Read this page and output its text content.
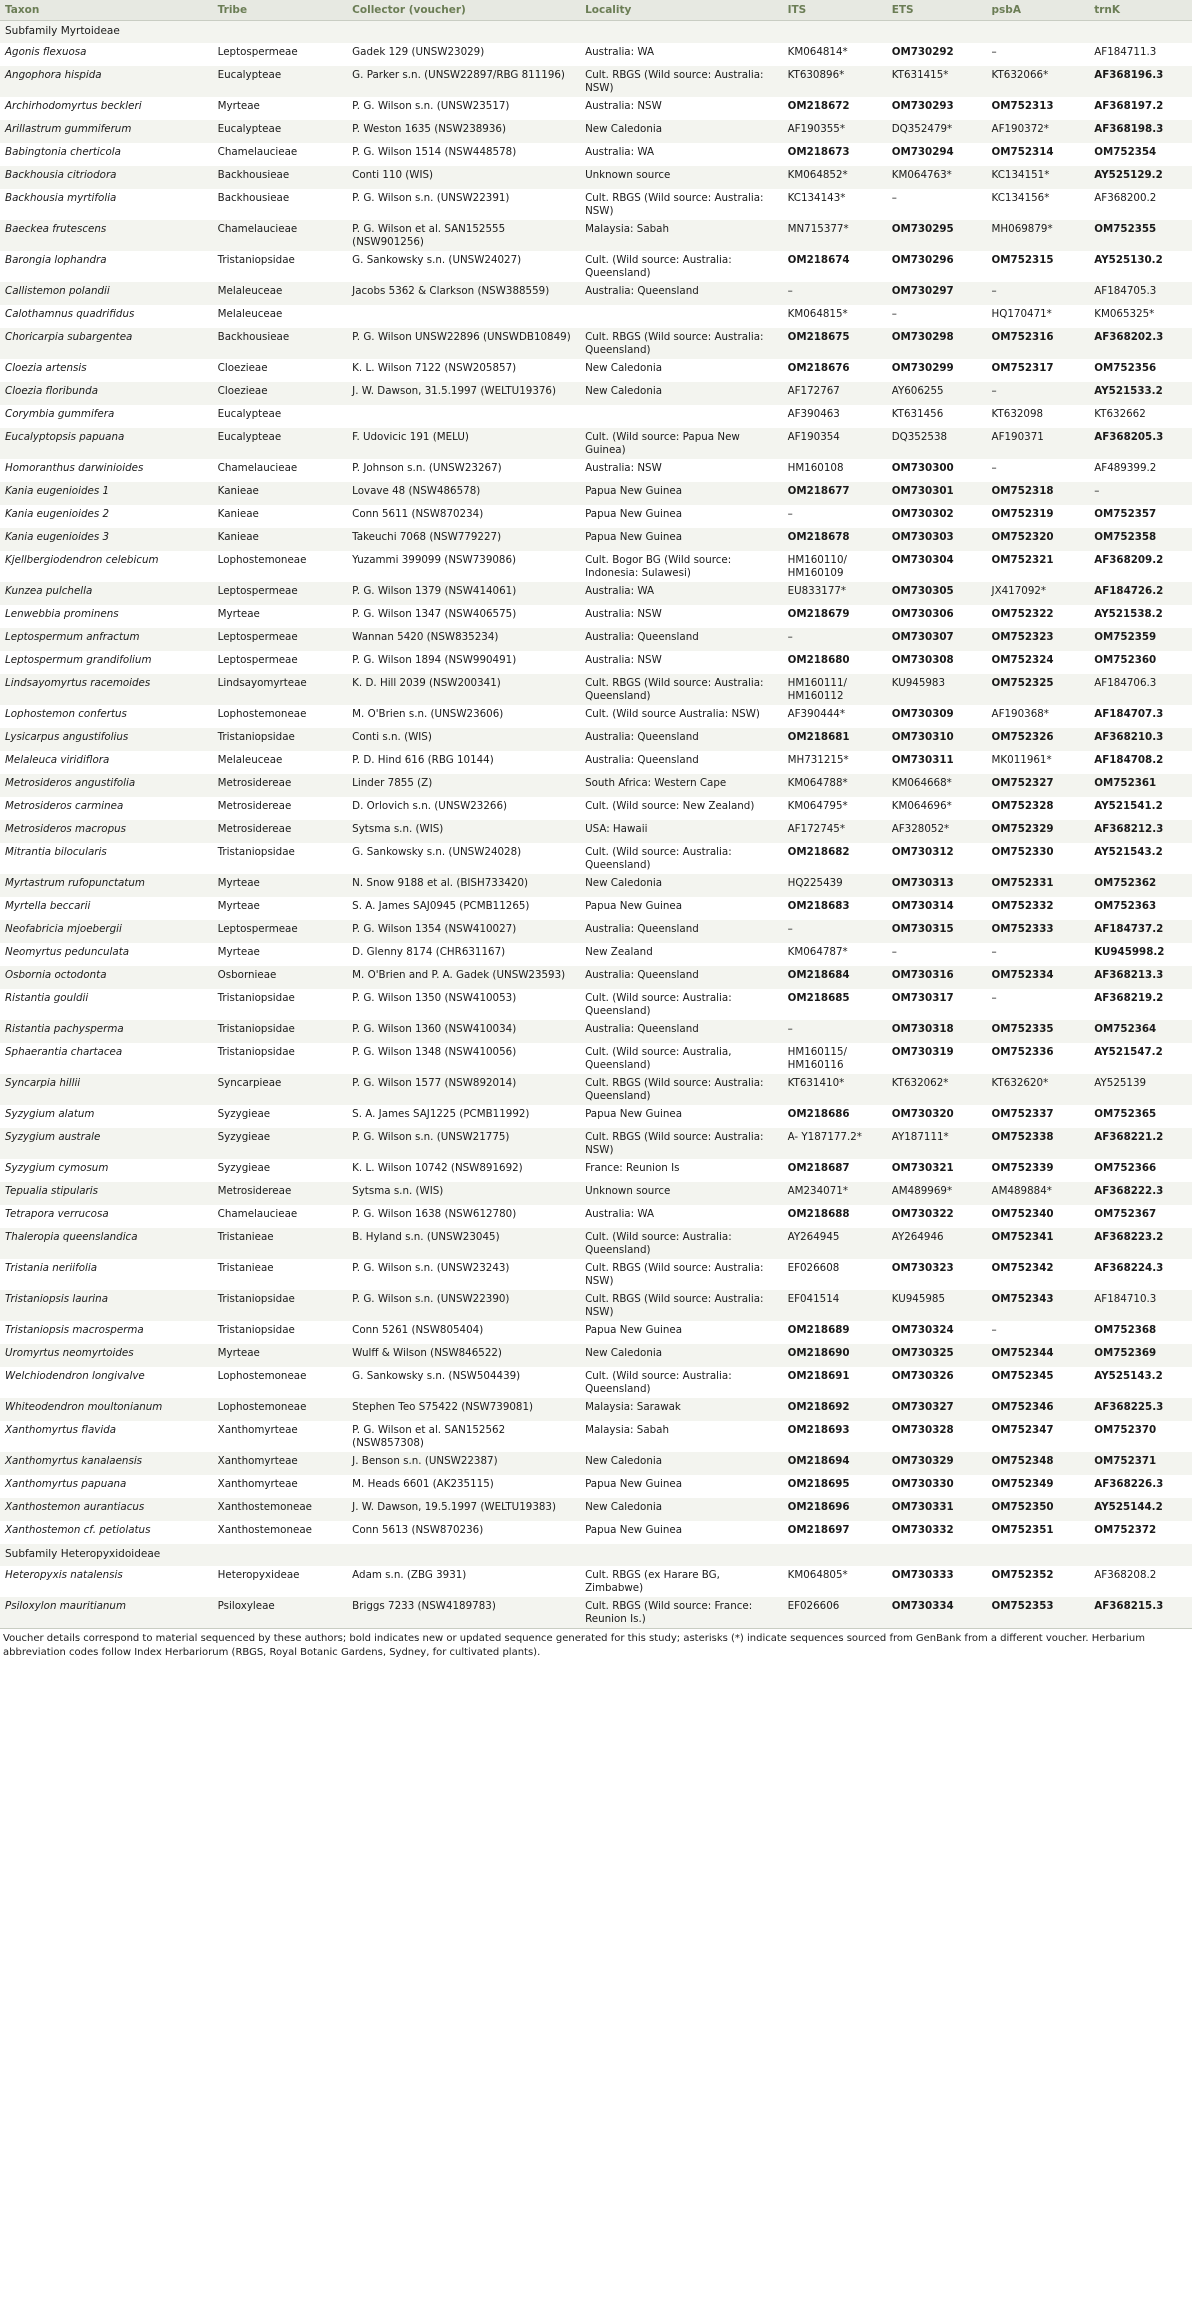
Taxon	Tribe	Collector (voucher)	Locality	ITS	ETS	psbA	trnK
Subfamily Myrtoideae							
Agonis flexuosa	Leptospermeae	Gadek 129 (UNSW23029)	Australia: WA	KM064814*	OM730292	–	AF184711.3
Angophora hispida	Eucalypteae	G. Parker s.n. (UNSW22897/RBG 811196)	Cult. RBGS (Wild source: Australia: NSW)	KT630896*	KT631415*	KT632066*	AF368196.3
Archirhodomyrtus beckleri	Myrteae	P. G. Wilson s.n. (UNSW23517)	Australia: NSW	OM218672	OM730293	OM752313	AF368197.2
Arillastrum gummiferum	Eucalypteae	P. Weston 1635 (NSW238936)	New Caledonia	AF190355*	DQ352479*	AF190372*	AF368198.3
Babingtonia cherticola	Chamelaucieae	P. G. Wilson 1514 (NSW448578)	Australia: WA	OM218673	OM730294	OM752314	OM752354
Backhousia citriodora	Backhousieae	Conti 110 (WIS)	Unknown source	KM064852*	KM064763*	KC134151*	AY525129.2
Backhousia myrtifolia	Backhousieae	P. G. Wilson s.n. (UNSW22391)	Cult. RBGS (Wild source: Australia: NSW)	KC134143*	–	KC134156*	AF368200.2
Baeckea frutescens	Chamelaucieae	P. G. Wilson et al. SAN152555 (NSW901256)	Malaysia: Sabah	MN715377*	OM730295	MH069879*	OM752355
Barongia lophandra	Tristaniopsidae	G. Sankowsky s.n. (UNSW24027)	Cult. (Wild source: Australia: Queensland)	OM218674	OM730296	OM752315	AY525130.2
Callistemon polandii	Melaleuceae	Jacobs 5362 & Clarkson (NSW388559)	Australia: Queensland	–	OM730297	–	AF184705.3
Calothamnus quadrifidus	Melaleuceae			KM064815*	–	HQ170471*	KM065325*
Choricarpia subargentea	Backhousieae	P. G. Wilson UNSW22896 (UNSWDB10849)	Cult. RBGS (Wild source: Australia: Queensland)	OM218675	OM730298	OM752316	AF368202.3
Cloezia artensis	Cloezieae	K. L. Wilson 7122 (NSW205857)	New Caledonia	OM218676	OM730299	OM752317	OM752356
Cloezia floribunda	Cloezieae	J. W. Dawson, 31.5.1997 (WELTU19376)	New Caledonia	AF172767	AY606255	–	AY521533.2
Corymbia gummifera	Eucalypteae			AF390463	KT631456	KT632098	KT632662
Eucalyptopsis papuana	Eucalypteae	F. Udovicic 191 (MELU)	Cult. (Wild source: Papua New Guinea)	AF190354	DQ352538	AF190371	AF368205.3
Homoranthus darwinioides	Chamelaucieae	P. Johnson s.n. (UNSW23267)	Australia: NSW	HM160108	OM730300	–	AF489399.2
Kania eugenioides 1	Kanieae	Lovave 48 (NSW486578)	Papua New Guinea	OM218677	OM730301	OM752318	–
Kania eugenioides 2	Kanieae	Conn 5611 (NSW870234)	Papua New Guinea	–	OM730302	OM752319	OM752357
Kania eugenioides 3	Kanieae	Takeuchi 7068 (NSW779227)	Papua New Guinea	OM218678	OM730303	OM752320	OM752358
Kjellbergiodendron celebicum	Lophostemoneae	Yuzammi 399099 (NSW739086)	Cult. Bogor BG (Wild source: Indonesia: Sulawesi)	HM160110/ HM160109	OM730304	OM752321	AF368209.2
Kunzea pulchella	Leptospermeae	P. G. Wilson 1379 (NSW414061)	Australia: WA	EU833177*	OM730305	JX417092*	AF184726.2
Lenwebbia prominens	Myrteae	P. G. Wilson 1347 (NSW406575)	Australia: NSW	OM218679	OM730306	OM752322	AY521538.2
Leptospermum anfractum	Leptospermeae	Wannan 5420 (NSW835234)	Australia: Queensland	–	OM730307	OM752323	OM752359
Leptospermum grandifolium	Leptospermeae	P. G. Wilson 1894 (NSW990491)	Australia: NSW	OM218680	OM730308	OM752324	OM752360
Lindsayomyrtus racemoides	Lindsayomyrteae	K. D. Hill 2039 (NSW200341)	Cult. RBGS (Wild source: Australia: Queensland)	HM160111/ HM160112	KU945983	OM752325	AF184706.3
Lophostemon confertus	Lophostemoneae	M. O'Brien s.n. (UNSW23606)	Cult. (Wild source Australia: NSW)	AF390444*	OM730309	AF190368*	AF184707.3
Lysicarpus angustifolius	Tristaniopsidae	Conti s.n. (WIS)	Australia: Queensland	OM218681	OM730310	OM752326	AF368210.3
Melaleuca viridiflora	Melaleuceae	P. D. Hind 616 (RBG 10144)	Australia: Queensland	MH731215*	OM730311	MK011961*	AF184708.2
Metrosideros angustifolia	Metrosidereae	Linder 7855 (Z)	South Africa: Western Cape	KM064788*	KM064668*	OM752327	OM752361
Metrosideros carminea	Metrosidereae	D. Orlovich s.n. (UNSW23266)	Cult. (Wild source: New Zealand)	KM064795*	KM064696*	OM752328	AY521541.2
Metrosideros macropus	Metrosidereae	Sytsma s.n. (WIS)	USA: Hawaii	AF172745*	AF328052*	OM752329	AF368212.3
Mitrantia bilocularis	Tristaniopsidae	G. Sankowsky s.n. (UNSW24028)	Cult. (Wild source: Australia: Queensland)	OM218682	OM730312	OM752330	AY521543.2
Myrtastrum rufopunctatum	Myrteae	N. Snow 9188 et al. (BISH733420)	New Caledonia	HQ225439	OM730313	OM752331	OM752362
Myrtella beccarii	Myrteae	S. A. James SAJ0945 (PCMB11265)	Papua New Guinea	OM218683	OM730314	OM752332	OM752363
Neofabricia mjoebergii	Leptospermeae	P. G. Wilson 1354 (NSW410027)	Australia: Queensland	–	OM730315	OM752333	AF184737.2
Neomyrtus pedunculata	Myrteae	D. Glenny 8174 (CHR631167)	New Zealand	KM064787*	–	–	KU945998.2
Osbornia octodonta	Osbornieae	M. O'Brien and P. A. Gadek (UNSW23593)	Australia: Queensland	OM218684	OM730316	OM752334	AF368213.3
Ristantia gouldii	Tristaniopsidae	P. G. Wilson 1350 (NSW410053)	Cult. (Wild source: Australia: Queensland)	OM218685	OM730317	–	AF368219.2
Ristantia pachysperma	Tristaniopsidae	P. G. Wilson 1360 (NSW410034)	Australia: Queensland	–	OM730318	OM752335	OM752364
Sphaerantia chartacea	Tristaniopsidae	P. G. Wilson 1348 (NSW410056)	Cult. (Wild source: Australia, Queensland)	HM160115/ HM160116	OM730319	OM752336	AY521547.2
Syncarpia hillii	Syncarpieae	P. G. Wilson 1577 (NSW892014)	Cult. RBGS (Wild source: Australia: Queensland)	KT631410*	KT632062*	KT632620*	AY525139
Syzygium alatum	Syzygieae	S. A. James SAJ1225 (PCMB11992)	Papua New Guinea	OM218686	OM730320	OM752337	OM752365
Syzygium australe	Syzygieae	P. G. Wilson s.n. (UNSW21775)	Cult. RBGS (Wild source: Australia: NSW)	A- Y187177.2*	AY187111*	OM752338	AF368221.2
Syzygium cymosum	Syzygieae	K. L. Wilson 10742 (NSW891692)	France: Reunion Is	OM218687	OM730321	OM752339	OM752366
Tepualia stipularis	Metrosidereae	Sytsma s.n. (WIS)	Unknown source	AM234071*	AM489969*	AM489884*	AF368222.3
Tetrapora verrucosa	Chamelaucieae	P. G. Wilson 1638 (NSW612780)	Australia: WA	OM218688	OM730322	OM752340	OM752367
Thaleropia queenslandica	Tristanieae	B. Hyland s.n. (UNSW23045)	Cult. (Wild source: Australia: Queensland)	AY264945	AY264946	OM752341	AF368223.2
Tristania neriifolia	Tristanieae	P. G. Wilson s.n. (UNSW23243)	Cult. RBGS (Wild source: Australia: NSW)	EF026608	OM730323	OM752342	AF368224.3
Tristaniopsis laurina	Tristaniopsidae	P. G. Wilson s.n. (UNSW22390)	Cult. RBGS (Wild source: Australia: NSW)	EF041514	KU945985	OM752343	AF184710.3
Tristaniopsis macrosperma	Tristaniopsidae	Conn 5261 (NSW805404)	Papua New Guinea	OM218689	OM730324	–	OM752368
Uromyrtus neomyrtoides	Myrteae	Wulff & Wilson (NSW846522)	New Caledonia	OM218690	OM730325	OM752344	OM752369
Welchiodendron longivalve	Lophostemoneae	G. Sankowsky s.n. (NSW504439)	Cult. (Wild source: Australia: Queensland)	OM218691	OM730326	OM752345	AY525143.2
Whiteodendron moultonianum	Lophostemoneae	Stephen Teo S75422 (NSW739081)	Malaysia: Sarawak	OM218692	OM730327	OM752346	AF368225.3
Xanthomyrtus flavida	Xanthomyrteae	P. G. Wilson et al. SAN152562 (NSW857308)	Malaysia: Sabah	OM218693	OM730328	OM752347	OM752370
Xanthomyrtus kanalaensis	Xanthomyrteae	J. Benson s.n. (UNSW22387)	New Caledonia	OM218694	OM730329	OM752348	OM752371
Xanthomyrtus papuana	Xanthomyrteae	M. Heads 6601 (AK235115)	Papua New Guinea	OM218695	OM730330	OM752349	AF368226.3
Xanthostemon aurantiacus	Xanthostemoneae	J. W. Dawson, 19.5.1997 (WELTU19383)	New Caledonia	OM218696	OM730331	OM752350	AY525144.2
Xanthostemon cf. petiolatus	Xanthostemoneae	Conn 5613 (NSW870236)	Papua New Guinea	OM218697	OM730332	OM752351	OM752372
Subfamily Heteropyxidoideae							
Heteropyxis natalensis	Heteropyxideae	Adam s.n. (ZBG 3931)	Cult. RBGS (ex Harare BG, Zimbabwe)	KM064805*	OM730333	OM752352	AF368208.2
Psiloxylon mauritianum	Psiloxyleae	Briggs 7233 (NSW4189783)	Cult. RBGS (Wild source: France: Reunion Is.)	EF026606	OM730334	OM752353	AF368215.3
Voucher details correspond to material sequenced by these authors; bold indicates new or updated sequence generated for this study; asterisks (*) indicate sequences sourced from GenBank from a different voucher. Herbarium abbreviation codes follow Index Herbariorum (RBGS, Royal Botanic Gardens, Sydney, for cultivated plants).
